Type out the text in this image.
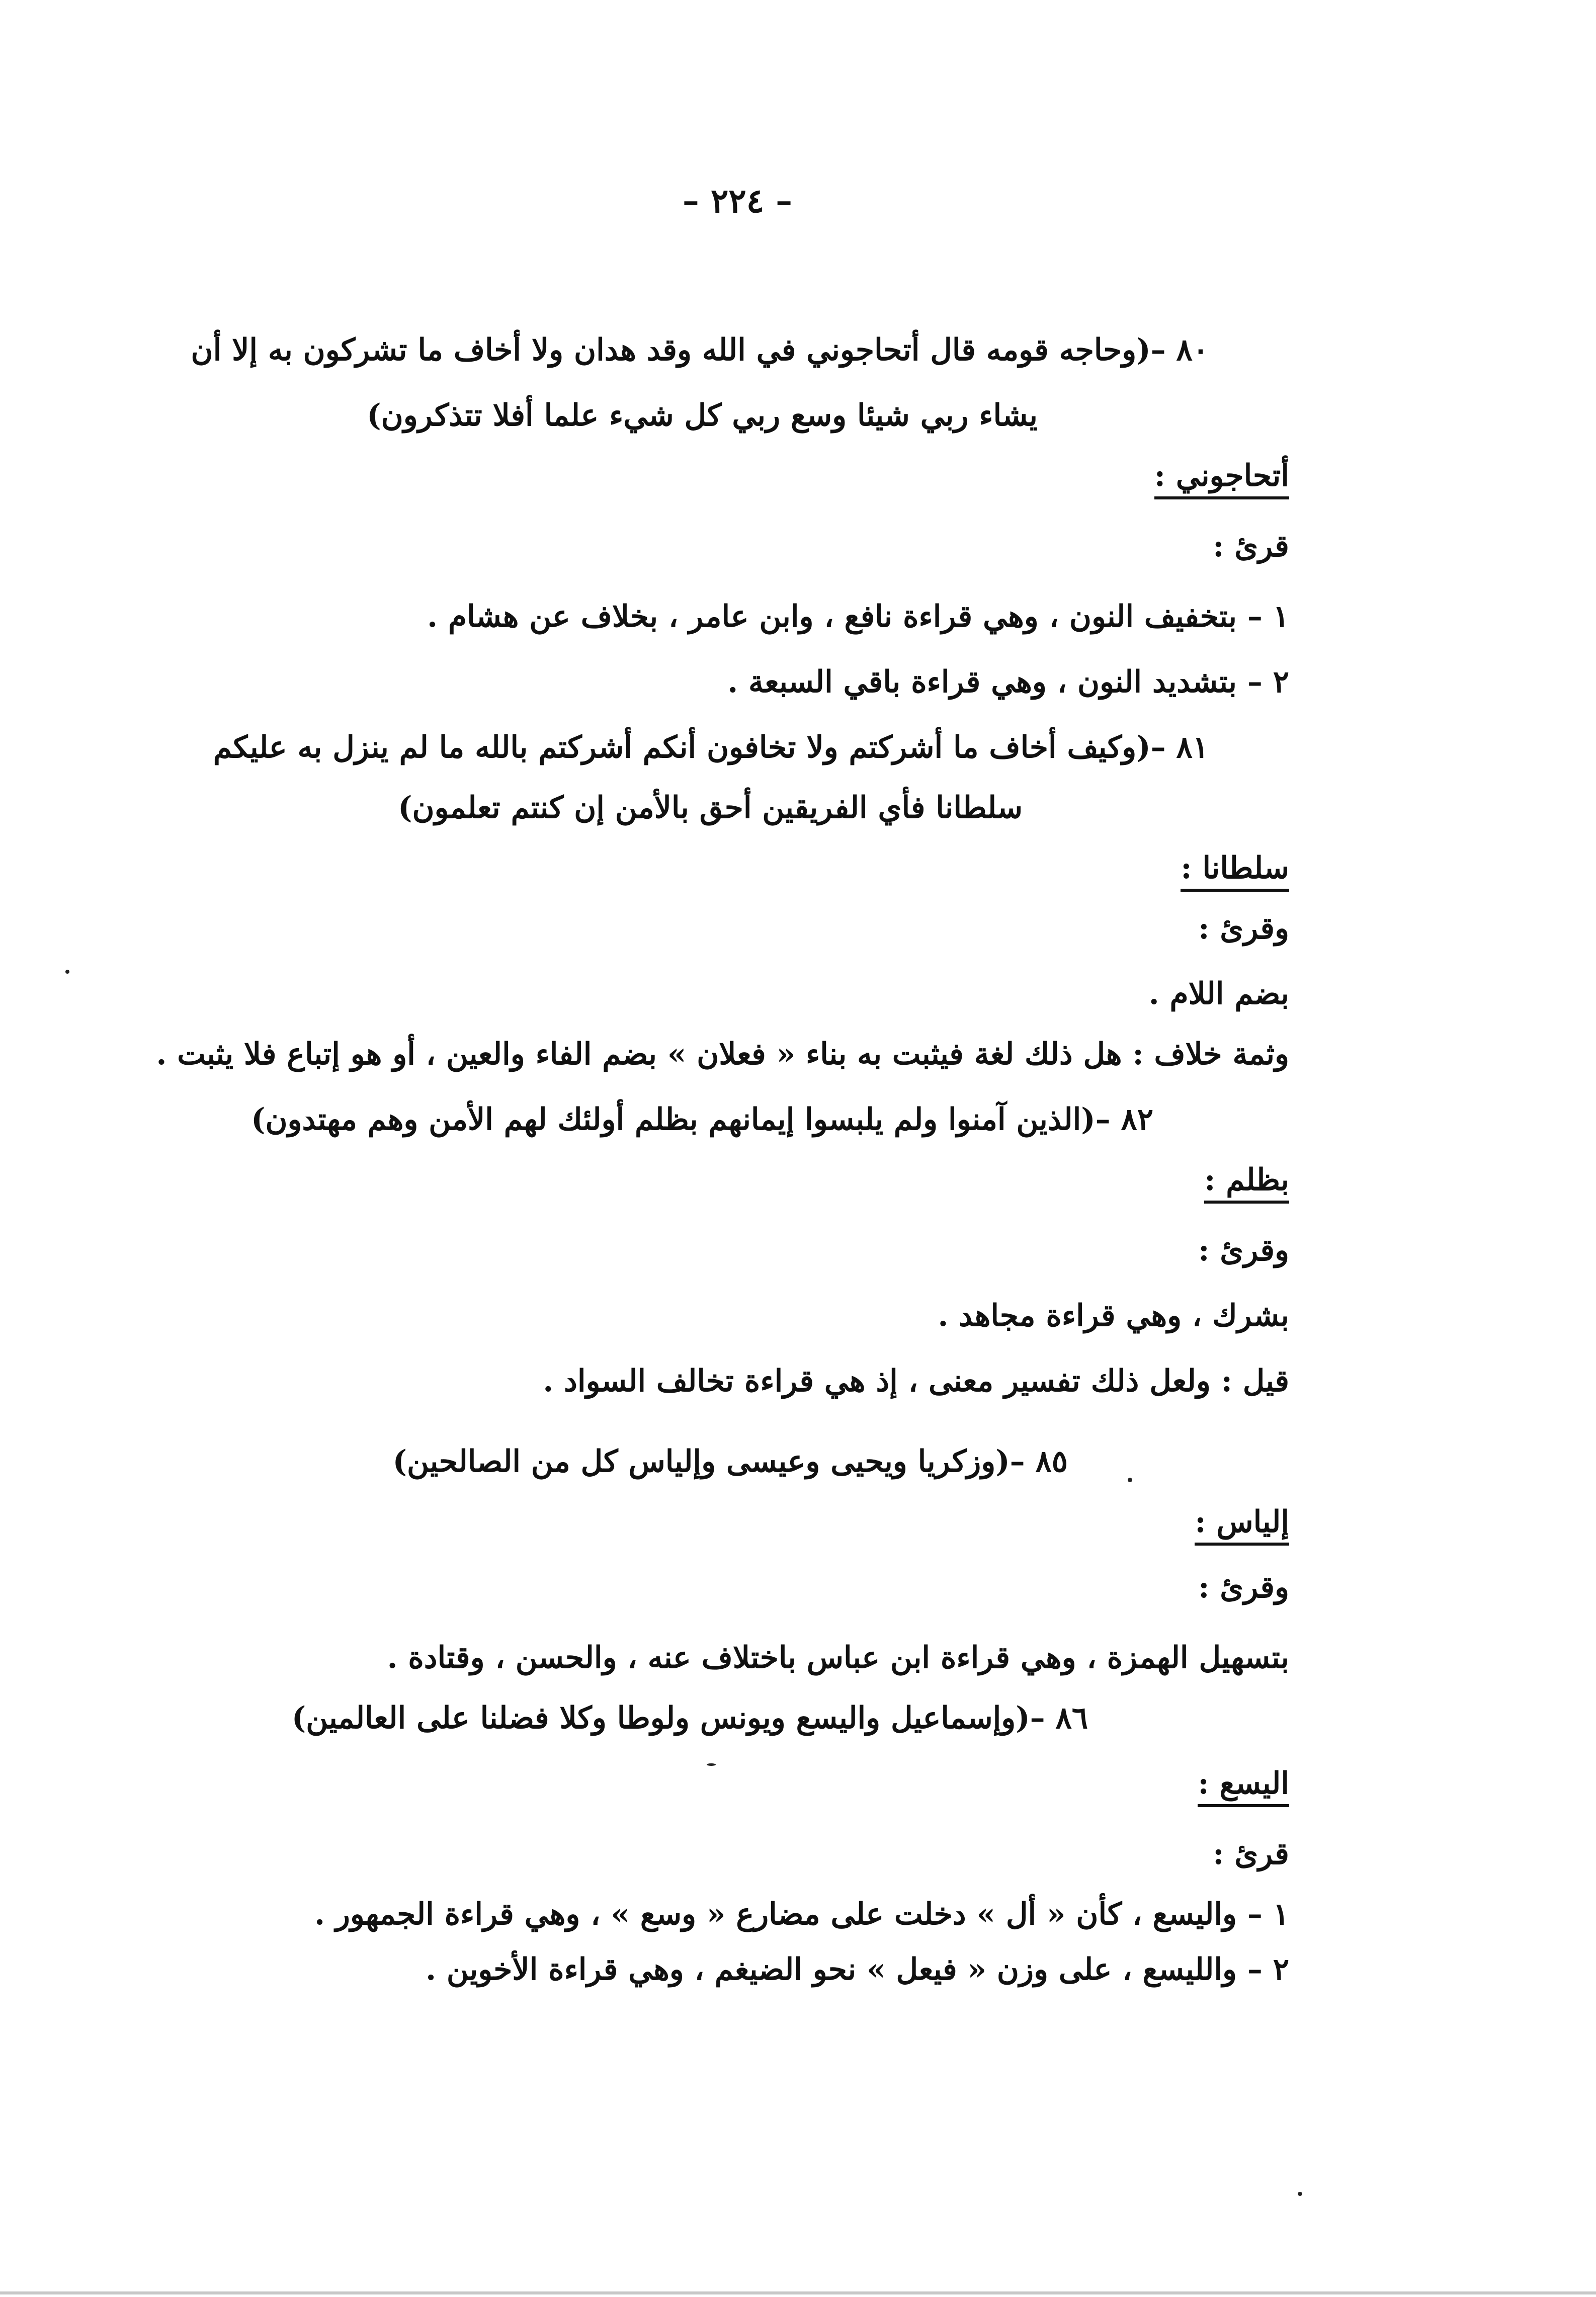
– ٢٢٤ –
٨٠ –(وحاجه قومه قال أتحاجوني في الله وقد هدان ولا أخاف ما تشركون به إلا أن
يشاء ربي شيئا وسع ربي كل شيء علما أفلا تتذكرون)
أتحاجوني :
قرئ :
١ – بتخفيف النون ، وهي قراءة نافع ، وابن عامر ، بخلاف عن هشام .
٢ – بتشديد النون ، وهي قراءة باقي السبعة .
٨١ –(وكيف أخاف ما أشركتم ولا تخافون أنكم أشركتم بالله ما لم ينزل به عليكم
سلطانا فأي الفريقين أحق بالأمن إن كنتم تعلمون)
سلطانا :
وقرئ :
بضم اللام .
وثمة خلاف : هل ذلك لغة فيثبت به بناء « فعلان » بضم الفاء والعين ، أو هو إتباع فلا يثبت .
٨٢ –(الذين آمنوا ولم يلبسوا إيمانهم بظلم أولئك لهم الأمن وهم مهتدون)
بظلم :
وقرئ :
بشرك ، وهي قراءة مجاهد .
قيل : ولعل ذلك تفسير معنى ، إذ هي قراءة تخالف السواد .
٨٥ –(وزكريا ويحيى وعيسى وإلياس كل من الصالحين)
إلياس :
وقرئ :
بتسهيل الهمزة ، وهي قراءة ابن عباس باختلاف عنه ، والحسن ، وقتادة .
٨٦ –(وإسماعيل واليسع ويونس ولوطا وكلا فضلنا على العالمين)
اليسع :
قرئ :
١ – واليسع ، كأن « أل » دخلت على مضارع « وسع » ، وهي قراءة الجمهور .
٢ – والليسع ، على وزن « فيعل » نحو الضيغم ، وهي قراءة الأخوين .
